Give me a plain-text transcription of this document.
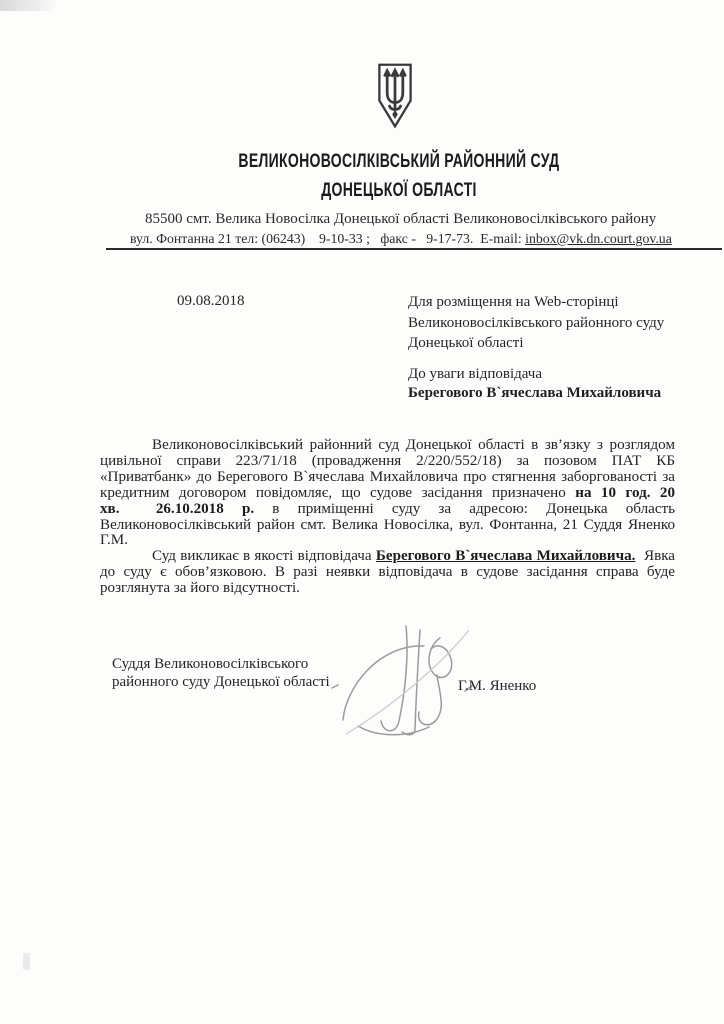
ВЕЛИКОНОВОСІЛКІВСЬКИЙ РАЙОННИЙ СУД
ДОНЕЦЬКОЇ ОБЛАСТІ
85500 смт. Велика Новосілка Донецької області Великоновосілківського району
вул. Фонтанна 21 тел: (06243)    9-10-33 ;   факс -   9-17-73.  E-mail: inbox@vk.dn.court.gov.ua
09.08.2018	Для розміщення на Web-сторінці
Великоновосілківського районного суду
Донецької області
До уваги відповідача
Берегового В`ячеслава Михайловича
Великоновосілківський районний суд Донецької області в зв’язку з розглядом цивільної справи 223/71/18 (провадження 2/220/552/18) за позовом ПАТ КБ «Приватбанк» до Берегового В`ячеслава Михайловича про стягнення заборгованості за кредитним договором повідомляє, що судове засідання призначено на 10 год. 20 хв.  26.10.2018 р. в приміщенні суду за адресою: Донецька область Великоновосілківський район смт. Велика Новосілка, вул. Фонтанна, 21 Суддя Яненко Г.М.
Суд викликає в якості відповідача Берегового В`ячеслава Михайловича.  Явка до суду є обов’язковою. В разі неявки відповідача в судове засідання справа буде розглянута за його відсутності.
Суддя Великоновосілківського
районного суду Донецької області	Г.М. Яненко
